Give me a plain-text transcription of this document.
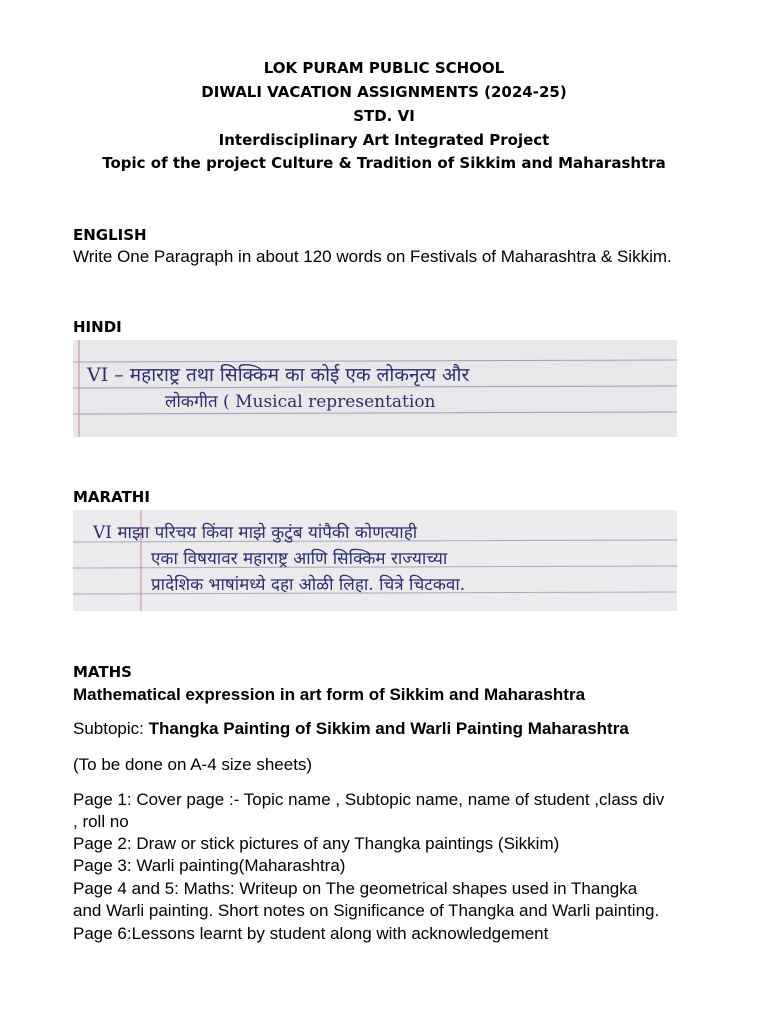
LOK PURAM PUBLIC SCHOOL
DIWALI VACATION ASSIGNMENTS (2024-25)
STD. VI
Interdisciplinary Art Integrated Project
Topic of the project Culture & Tradition of Sikkim and Maharashtra
ENGLISH
Write One Paragraph in about 120 words on Festivals of Maharashtra & Sikkim.
HINDI
VI – महाराष्ट्र तथा सिक्किम का कोई एक लोकनृत्य और
लोकगीत ( Musical representation
MARATHI
VI माझा परिचय किंवा माझे कुटुंब यांपैकी कोणत्याही
एका विषयावर महाराष्ट्र आणि सिक्किम राज्याच्या
प्रादेशिक भाषांमध्ये दहा ओळी लिहा. चित्रे चिटकवा.
MATHS
Mathematical expression in art form of Sikkim and Maharashtra
Subtopic: Thangka Painting of Sikkim and Warli Painting Maharashtra
(To be done on A-4 size sheets)
Page 1: Cover page :- Topic name , Subtopic name, name of student ,class div
, roll no
Page 2: Draw or stick pictures of any Thangka paintings (Sikkim)
Page 3: Warli painting(Maharashtra)
Page 4 and 5: Maths: Writeup on The geometrical shapes used in Thangka
and Warli painting. Short notes on Significance of Thangka and Warli painting.
Page 6:Lessons learnt by student along with acknowledgement
